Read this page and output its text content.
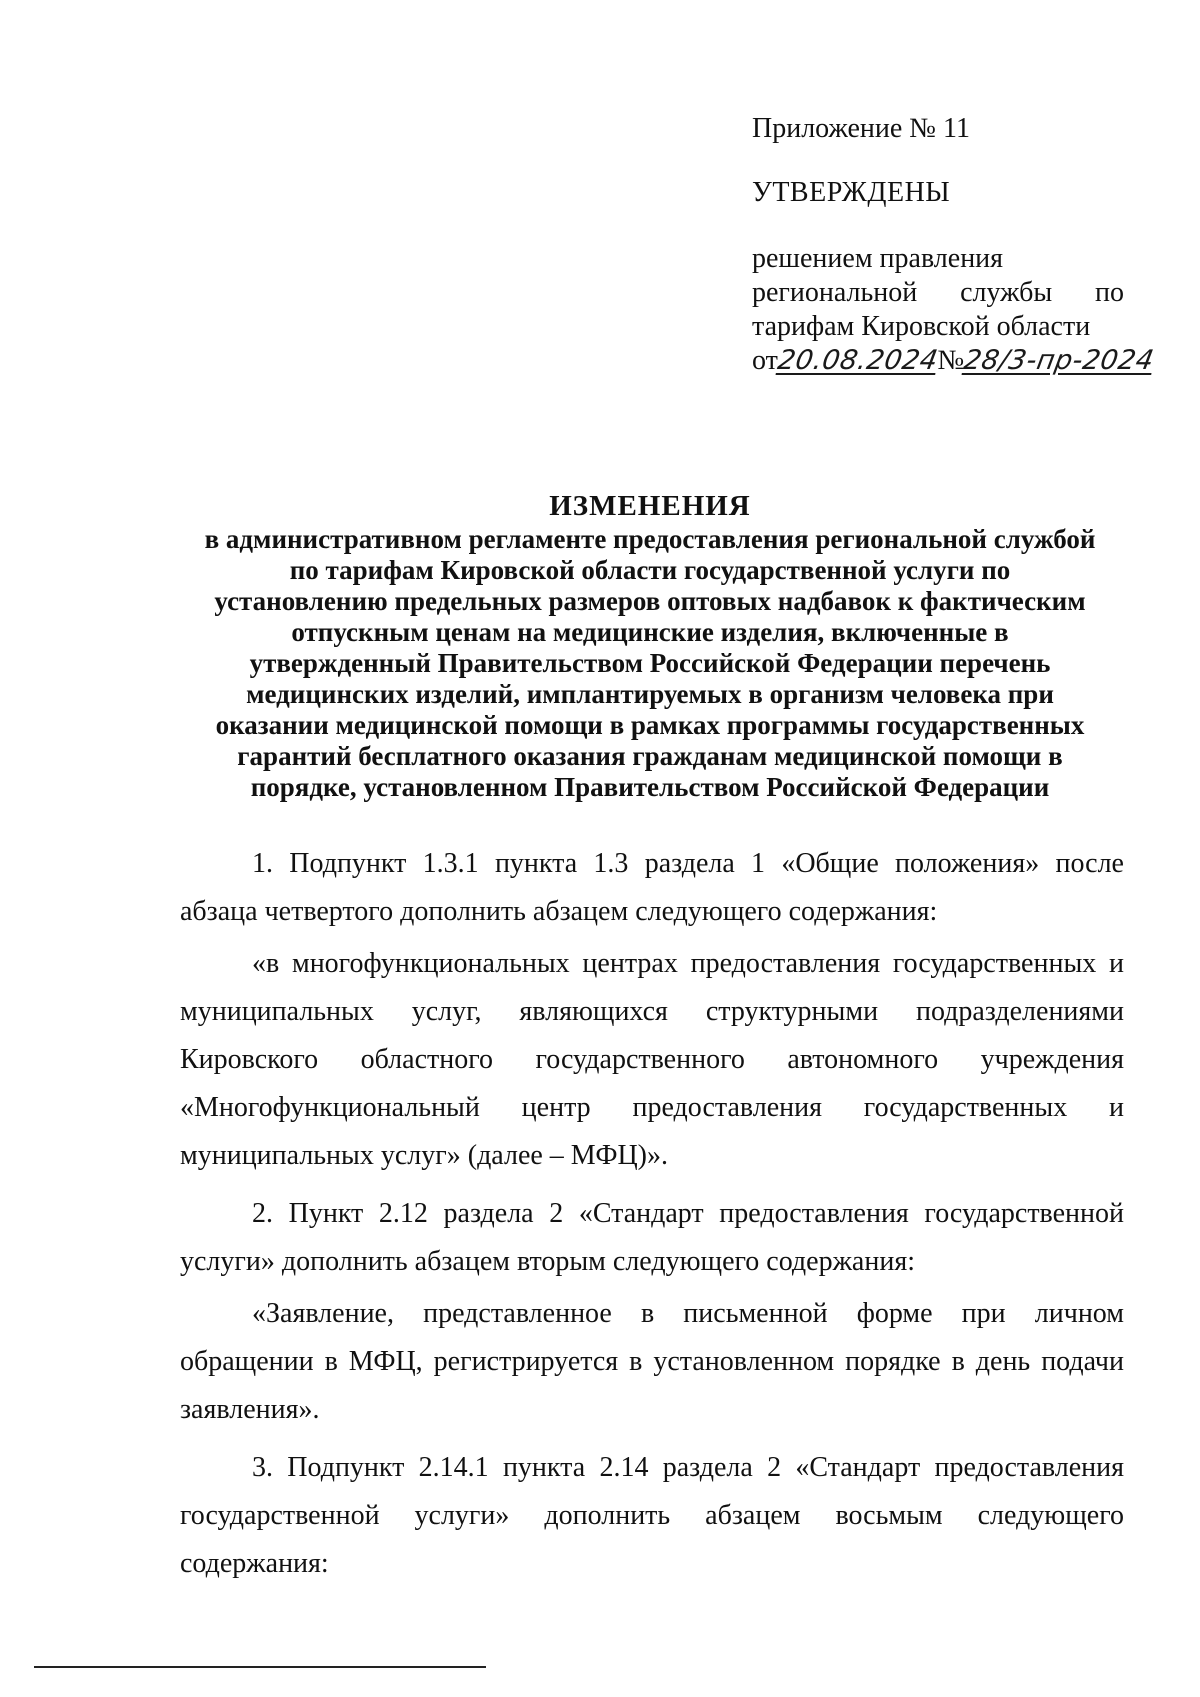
Приложение № 11

УТВЕРЖДЕНЫ

решением правления

региональной службы по

тарифам Кировской области

от20.08.2024№28/3-пр-2024

ИЗМЕНЕНИЯ

в административном регламенте предоставления региональной службой

по тарифам Кировской области государственной услуги по

установлению предельных размеров оптовых надбавок к фактическим

отпускным ценам на медицинские изделия, включенные в

утвержденный Правительством Российской Федерации перечень

медицинских изделий, имплантируемых в организм человека при

оказании медицинской помощи в рамках программы государственных

гарантий бесплатного оказания гражданам медицинской помощи в

порядке, установленном Правительством Российской Федерации

1. Подпункт 1.3.1 пункта 1.3 раздела 1 «Общие положения» после абзаца четвертого дополнить абзацем следующего содержания:

«в многофункциональных центрах предоставления государственных и муниципальных услуг, являющихся структурными подразделениями Кировского областного государственного автономного учреждения «Многофункциональный центр предоставления государственных и муниципальных услуг» (далее – МФЦ)».

2. Пункт 2.12 раздела 2 «Стандарт предоставления государственной услуги» дополнить абзацем вторым следующего содержания:

«Заявление, представленное в письменной форме при личном обращении в МФЦ, регистрируется в установленном порядке в день подачи заявления».

3. Подпункт 2.14.1 пункта 2.14 раздела 2 «Стандарт предоставления государственной услуги» дополнить абзацем восьмым следующего содержания:
